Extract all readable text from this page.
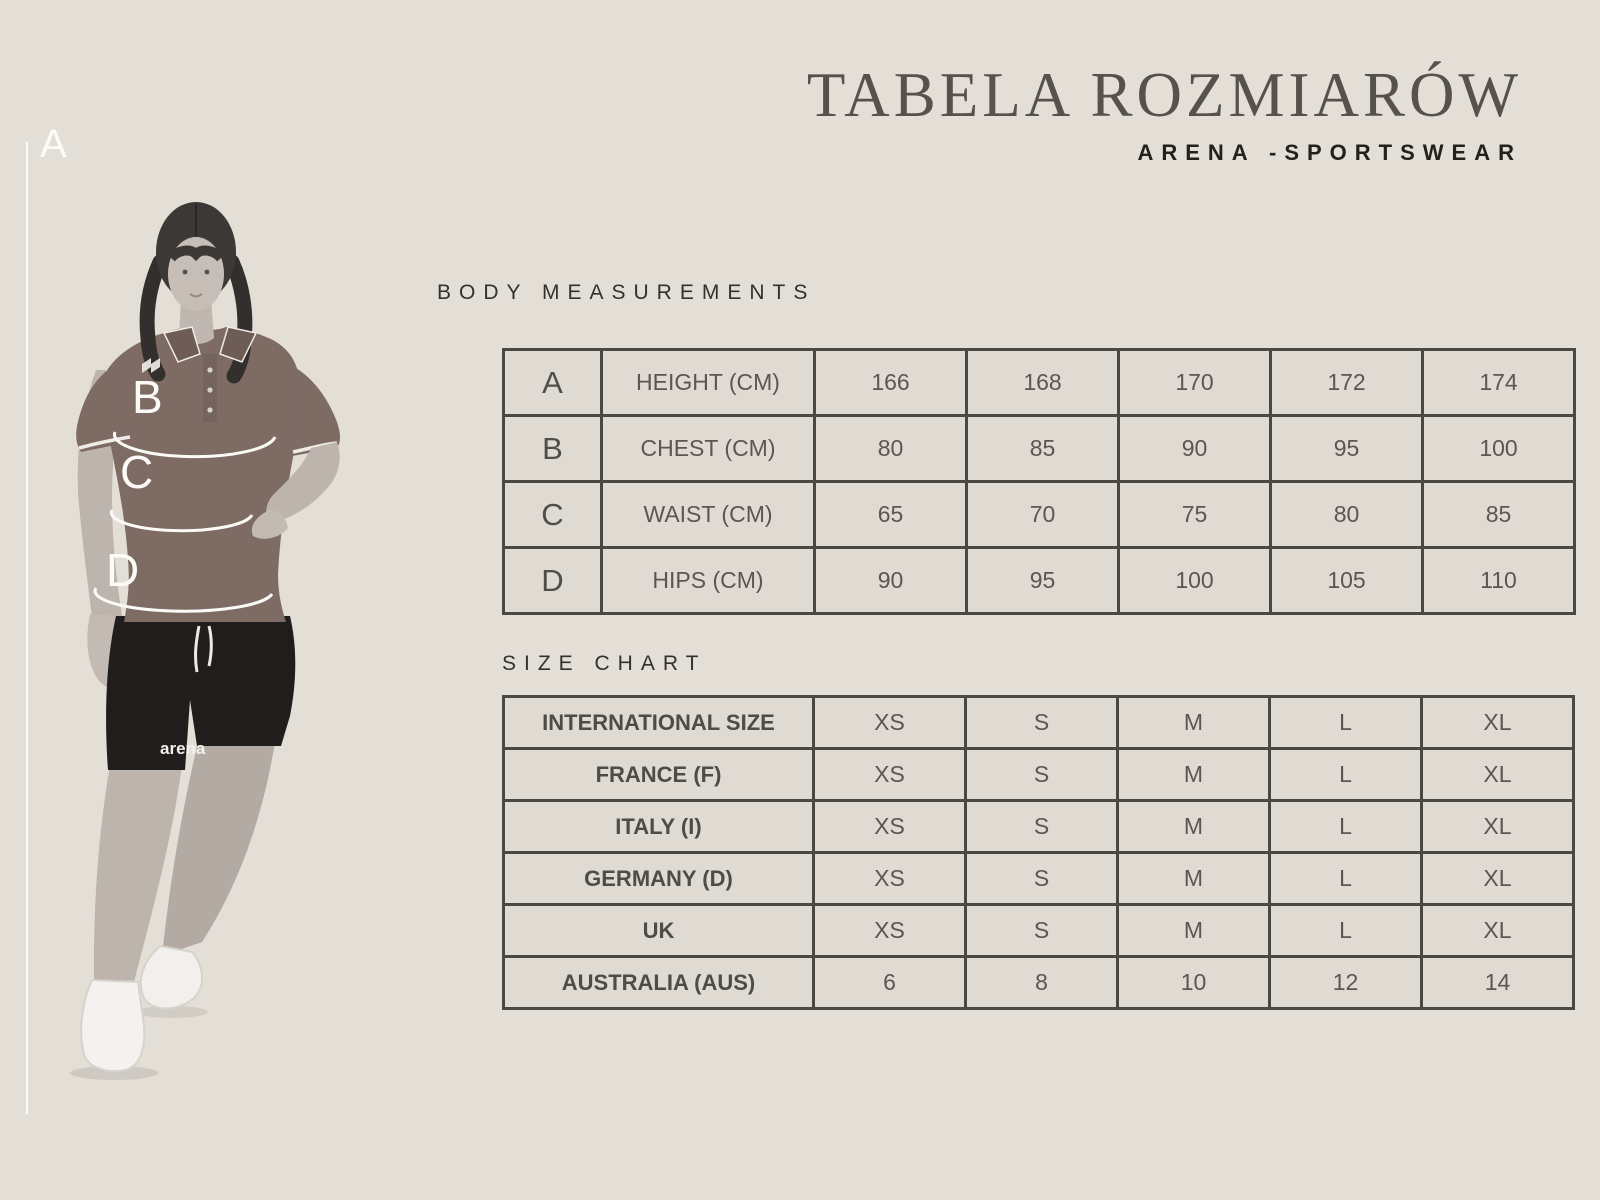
A
arena
B
C
D
TABELA ROZMIARÓW
ARENA -SPORTSWEAR
BODY MEASUREMENTS
A	HEIGHT (CM)	166	168	170	172	174
B	CHEST (CM)	80	85	90	95	100
C	WAIST (CM)	65	70	75	80	85
D	HIPS (CM)	90	95	100	105	110
SIZE CHART
INTERNATIONAL SIZE	XS	S	M	L	XL
FRANCE (F)	XS	S	M	L	XL
ITALY (I)	XS	S	M	L	XL
GERMANY (D)	XS	S	M	L	XL
UK	XS	S	M	L	XL
AUSTRALIA (AUS)	6	8	10	12	14
